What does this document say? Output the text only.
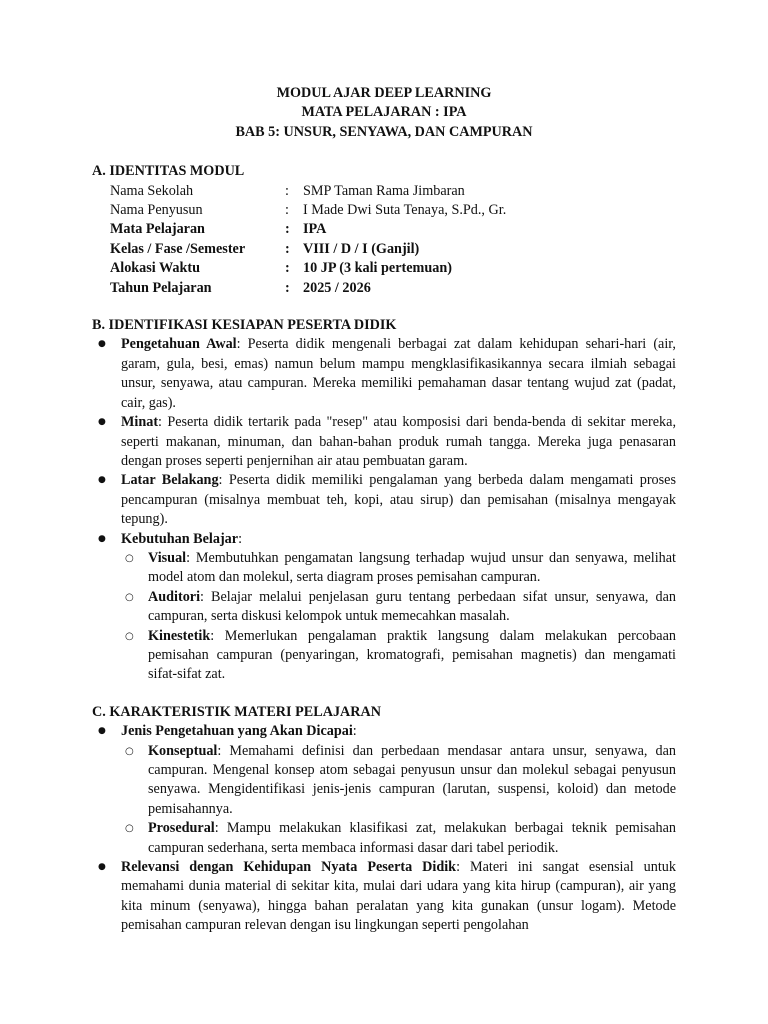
MODUL AJAR DEEP LEARNING
MATA PELAJARAN : IPA
BAB 5: UNSUR, SENYAWA, DAN CAMPURAN
A. IDENTITAS MODUL
Nama Sekolah	:	SMP Taman Rama Jimbaran
Nama Penyusun	:	I Made Dwi Suta Tenaya, S.Pd., Gr.
Mata Pelajaran	:	IPA
Kelas / Fase /Semester	:	VIII / D / I (Ganjil)
Alokasi Waktu	:	10 JP (3 kali pertemuan)
Tahun Pelajaran	:	2025 / 2026
B. IDENTIFIKASI KESIAPAN PESERTA DIDIK
● Pengetahuan Awal: Peserta didik mengenali berbagai zat dalam kehidupan sehari-hari (air, garam, gula, besi, emas) namun belum mampu mengklasifikasikannya secara ilmiah sebagai unsur, senyawa, atau campuran. Mereka memiliki pemahaman dasar tentang wujud zat (padat, cair, gas).
● Minat: Peserta didik tertarik pada "resep" atau komposisi dari benda-benda di sekitar mereka, seperti makanan, minuman, dan bahan-bahan produk rumah tangga. Mereka juga penasaran dengan proses seperti penjernihan air atau pembuatan garam.
● Latar Belakang: Peserta didik memiliki pengalaman yang berbeda dalam mengamati proses pencampuran (misalnya membuat teh, kopi, atau sirup) dan pemisahan (misalnya mengayak tepung).
● Kebutuhan Belajar:
○ Visual: Membutuhkan pengamatan langsung terhadap wujud unsur dan senyawa, melihat model atom dan molekul, serta diagram proses pemisahan campuran.
○ Auditori: Belajar melalui penjelasan guru tentang perbedaan sifat unsur, senyawa, dan campuran, serta diskusi kelompok untuk memecahkan masalah.
○ Kinestetik: Memerlukan pengalaman praktik langsung dalam melakukan percobaan pemisahan campuran (penyaringan, kromatografi, pemisahan magnetis) dan mengamati sifat-sifat zat.
C. KARAKTERISTIK MATERI PELAJARAN
● Jenis Pengetahuan yang Akan Dicapai:
○ Konseptual: Memahami definisi dan perbedaan mendasar antara unsur, senyawa, dan campuran. Mengenal konsep atom sebagai penyusun unsur dan molekul sebagai penyusun senyawa. Mengidentifikasi jenis-jenis campuran (larutan, suspensi, koloid) dan metode pemisahannya.
○ Prosedural: Mampu melakukan klasifikasi zat, melakukan berbagai teknik pemisahan campuran sederhana, serta membaca informasi dasar dari tabel periodik.
● Relevansi dengan Kehidupan Nyata Peserta Didik: Materi ini sangat esensial untuk memahami dunia material di sekitar kita, mulai dari udara yang kita hirup (campuran), air yang kita minum (senyawa), hingga bahan peralatan yang kita gunakan (unsur logam). Metode pemisahan campuran relevan dengan isu lingkungan seperti pengolahan
